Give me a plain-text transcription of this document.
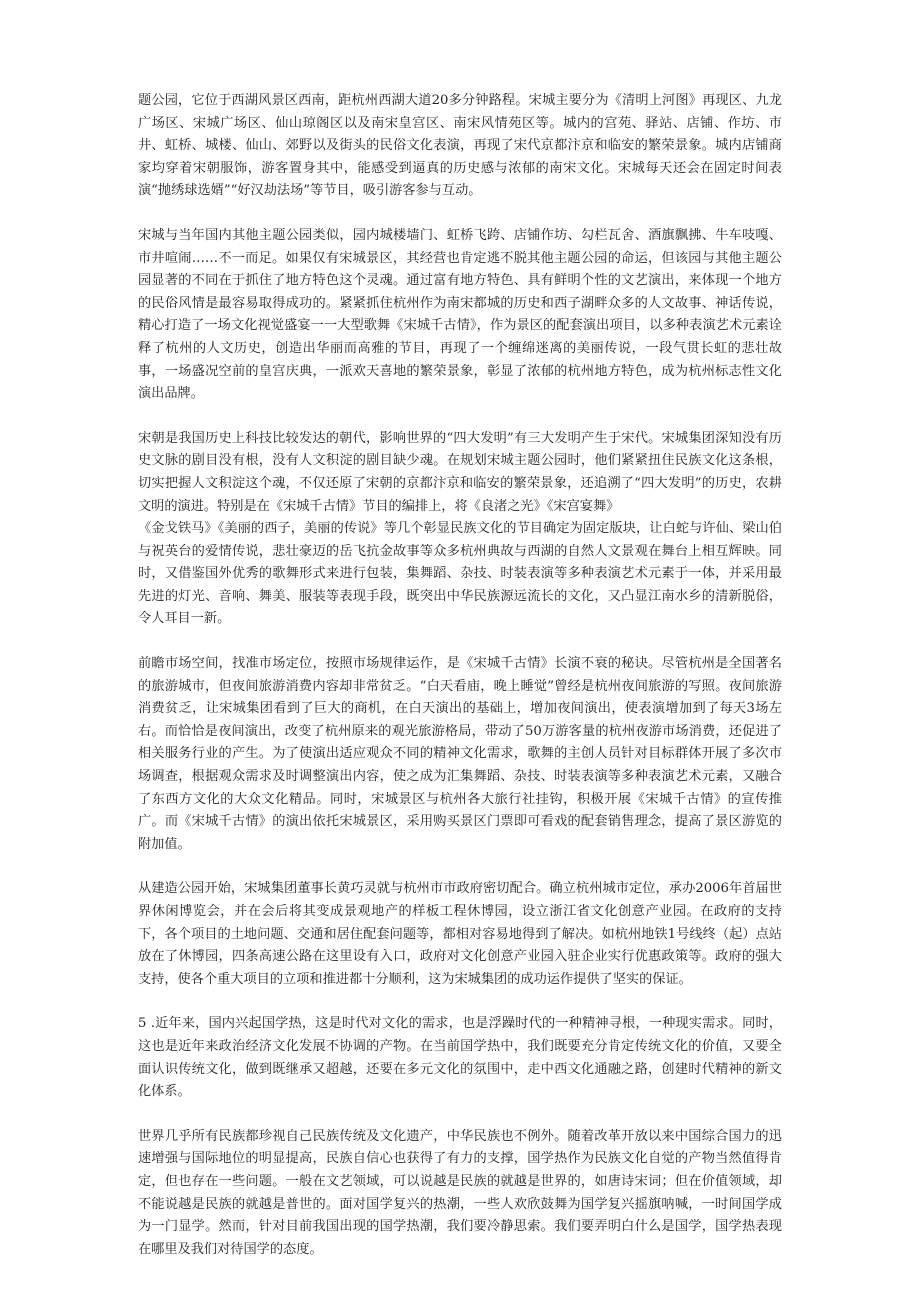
题公园，它位于西湖风景区西南，距杭州西湖大道20多分钟路程。宋城主要分为《清明上河图》再现区、九龙广场区、宋城广场区、仙山琼阁区以及南宋皇宫区、南宋风情苑区等。城内的宫苑、驿站、店铺、作坊、市井、虹桥、城楼、仙山、郊野以及街头的民俗文化表演，再现了宋代京都汴京和临安的繁荣景象。城内店铺商家均穿着宋朝服饰，游客置身其中，能感受到逼真的历史感与浓郁的南宋文化。宋城每天还会在固定时间表演“抛绣球选婿”“好汉劫法场”等节目，吸引游客参与互动。

宋城与当年国内其他主题公园类似，园内城楼墙门、虹桥飞跨、店铺作坊、勾栏瓦舍、酒旗飘拂、牛车吱嘎、市井喧闹……不一而足。如果仅有宋城景区，其经营也肯定逃不脱其他主题公园的命运，但该园与其他主题公园显著的不同在于抓住了地方特色这个灵魂。通过富有地方特色、具有鲜明个性的文艺演出，来体现一个地方的民俗风情是最容易取得成功的。紧紧抓住杭州作为南宋都城的历史和西子湖畔众多的人文故事、神话传说，精心打造了一场文化视觉盛宴一一大型歌舞《宋城千古情》，作为景区的配套演出项目，以多种表演艺术元素诠释了杭州的人文历史，创造出华丽而高雅的节目，再现了一个缠绵迷离的美丽传说，一段气贯长虹的悲壮故事，一场盛况空前的皇宫庆典，一派欢天喜地的繁荣景象，彰显了浓郁的杭州地方特色，成为杭州标志性文化演出品牌。

宋朝是我国历史上科技比较发达的朝代，影响世界的“四大发明”有三大发明产生于宋代。宋城集团深知没有历史文脉的剧目没有根，没有人文积淀的剧目缺少魂。在规划宋城主题公园时，他们紧紧扭住民族文化这条根，切实把握人文积淀这个魂，不仅还原了宋朝的京都汴京和临安的繁荣景象，还追溯了“四大发明”的历史，农耕文明的演进。特别是在《宋城千古情》节目的编排上，将《良渚之光》《宋宫宴舞》

《金戈铁马》《美丽的西子，美丽的传说》等几个彰显民族文化的节目确定为固定版块，让白蛇与许仙、梁山伯与祝英台的爱情传说，悲壮豪迈的岳飞抗金故事等众多杭州典故与西湖的自然人文景观在舞台上相互辉映。同时，又借鉴国外优秀的歌舞形式来进行包装，集舞蹈、杂技、时装表演等多种表演艺术元素于一体，并采用最先进的灯光、音响、舞美、服装等表现手段，既突出中华民族源远流长的文化，又凸显江南水乡的清新脱俗，令人耳目一新。

前瞻市场空间，找准市场定位，按照市场规律运作，是《宋城千古情》长演不衰的秘诀。尽管杭州是全国著名的旅游城市，但夜间旅游消费内容却非常贫乏。“白天看庙，晚上睡觉”曾经是杭州夜间旅游的写照。夜间旅游消费贫乏，让宋城集团看到了巨大的商机，在白天演出的基础上，增加夜间演出，使表演增加到了每天3场左右。而恰恰是夜间演出，改变了杭州原来的观光旅游格局，带动了50万游客量的杭州夜游市场消费，还促进了相关服务行业的产生。为了使演出适应观众不同的精神文化需求，歌舞的主创人员针对目标群体开展了多次市场调查，根据观众需求及时调整演出内容，使之成为汇集舞蹈、杂技、时装表演等多种表演艺术元素，又融合了东西方文化的大众文化精品。同时，宋城景区与杭州各大旅行社挂钩，积极开展《宋城千古情》的宣传推广。而《宋城千古情》的演出依托宋城景区，采用购买景区门票即可看戏的配套销售理念，提高了景区游览的附加值。

从建造公园开始，宋城集团董事长黄巧灵就与杭州市市政府密切配合。确立杭州城市定位，承办2006年首届世界休闲博览会，并在会后将其变成景观地产的样板工程休博园，设立浙江省文化创意产业园。在政府的支持下，各个项目的土地问题、交通和居住配套问题等，都相对容易地得到了解决。如杭州地铁1号线终（起）点站放在了休博园，四条高速公路在这里设有入口，政府对文化创意产业园入驻企业实行优惠政策等。政府的强大支持，使各个重大项目的立项和推进都十分顺利，这为宋城集团的成功运作提供了坚实的保证。

5 .近年来，国内兴起国学热，这是时代对文化的需求，也是浮躁时代的一种精神寻根，一种现实需求。同时，这也是近年来政治经济文化发展不协调的产物。在当前国学热中，我们既要充分肯定传统文化的价值，又要全面认识传统文化，做到既继承又超越，还要在多元文化的氛围中，走中西文化通融之路，创建时代精神的新文化体系。

世界几乎所有民族都珍视自己民族传统及文化遗产，中华民族也不例外。随着改革开放以来中国综合国力的迅速增强与国际地位的明显提高，民族自信心也获得了有力的支撑，国学热作为民族文化自觉的产物当然值得肯定，但也存在一些问题。一般在文艺领域，可以说越是民族的就越是世界的，如唐诗宋词；但在价值领域，却不能说越是民族的就越是普世的。面对国学复兴的热潮，一些人欢欣鼓舞为国学复兴摇旗呐喊，一时间国学成为一门显学。然而，针对目前我国出现的国学热潮，我们要冷静思索。我们要弄明白什么是国学，国学热表现在哪里及我们对待国学的态度。
